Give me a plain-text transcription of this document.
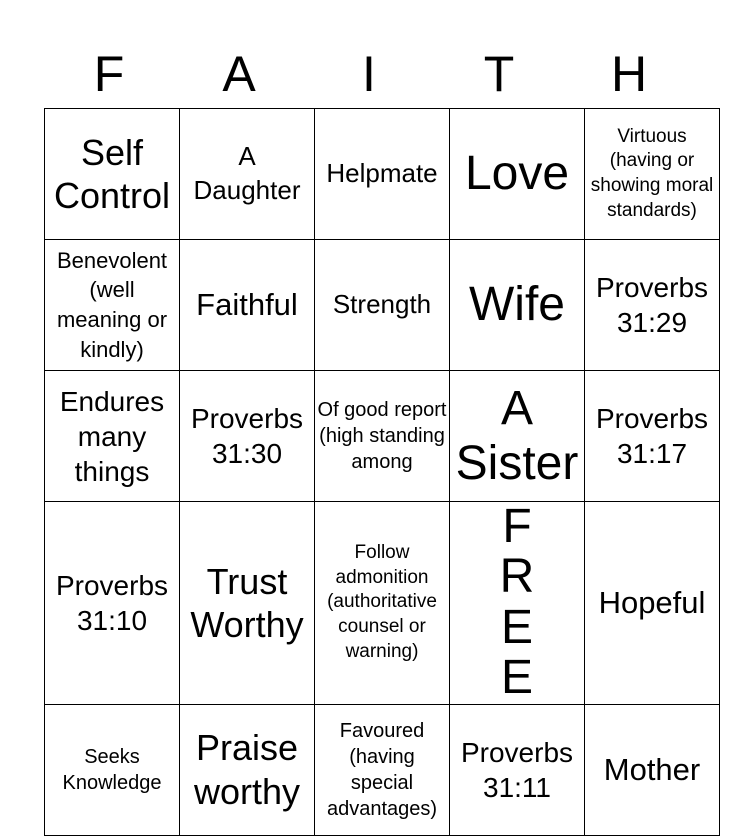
F	A	I	T	H
Self Control	A Daughter	Helpmate	Love	Virtuous (having or showing moral standards)

Benevolent (well meaning or kindly)	Faithful	Strength	Wife	Proverbs 31:29

Endures many things	Proverbs 31:30	Of good report (high standing among	A Sister	Proverbs 31:17

Proverbs 31:10	Trust Worthy	Follow admonition (authoritative counsel or warning)	F R E E	Hopeful

Seeks Knowledge	Praise worthy	Favoured (having special advantages)	Proverbs 31:11	Mother
